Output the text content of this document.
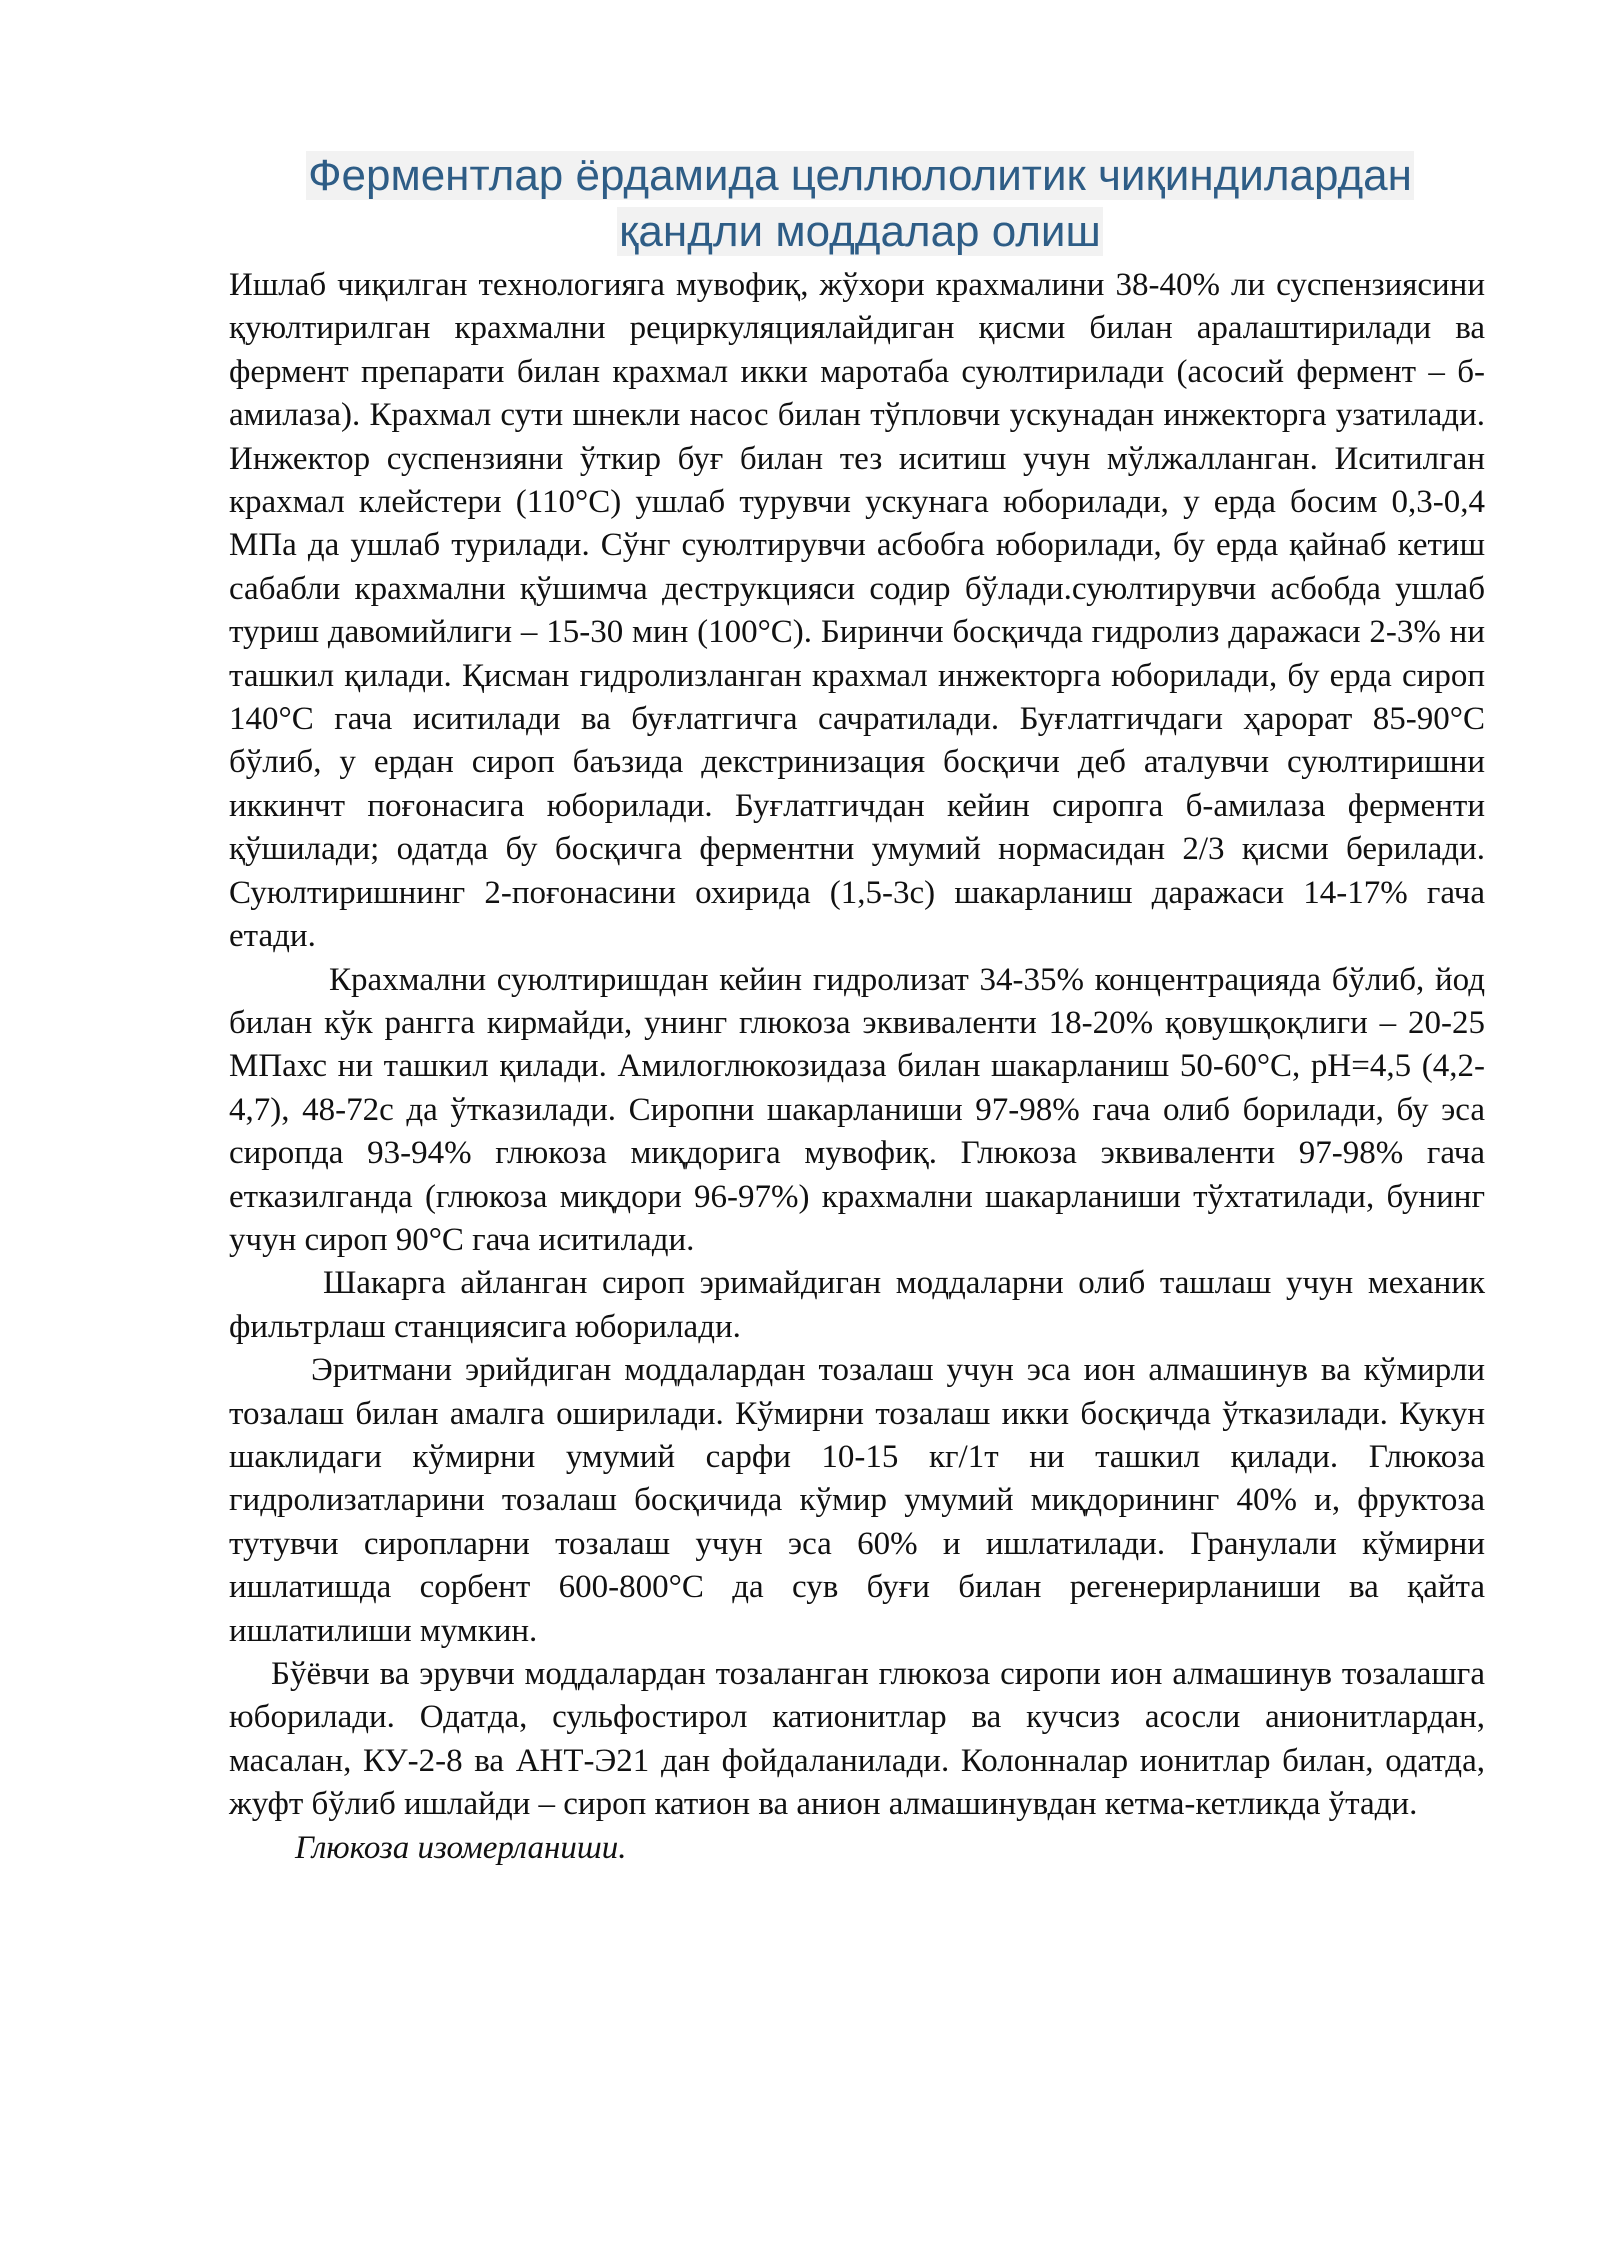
Ферментлар ёрдамида целлюлолитик чиқиндилардан
қандли моддалар олиш

Ишлаб чиқилган технологияга мувофиқ, жўхори крахмалини 38-40% ли суспензиясини қуюлтирилган крахмални рециркуляциялайдиган қисми билан аралаштирилади ва фермент препарати билан крахмал икки маротаба суюлтирилади (асосий фермент – б-амилаза). Крахмал сути шнекли насос билан тўпловчи ускунадан инжекторга узатилади. Инжектор суспензияни ўткир буғ билан тез иситиш учун мўлжалланган. Иситилган крахмал клейстери (110°С) ушлаб турувчи ускунага юборилади, у ерда босим 0,3-0,4 МПа да ушлаб турилади. Сўнг суюлтирувчи асбобга юборилади, бу ерда қайнаб кетиш сабабли крахмални қўшимча деструкцияси содир бўлади.суюлтирувчи асбобда ушлаб туриш давомийлиги – 15-30 мин (100°С). Биринчи босқичда гидролиз даражаси 2-3% ни ташкил қилади. Қисман гидролизланган крахмал инжекторга юборилади, бу ерда сироп 140°С гача иситилади ва буғлатгичга сачратилади. Буғлатгичдаги ҳарорат 85-90°С бўлиб, у ердан сироп баъзида декстринизация босқичи деб аталувчи суюлтиришни иккинчт поғонасига юборилади. Буғлатгичдан кейин сиропга б-амилаза ферменти қўшилади; одатда бу босқичга ферментни умумий нормасидан 2/3 қисми берилади. Суюлтиришнинг 2-поғонасини охирида (1,5-3с) шакарланиш даражаси 14-17% гача етади.

Крахмални суюлтиришдан кейин гидролизат 34-35% концентрацияда бўлиб, йод билан кўк рангга кирмайди, унинг глюкоза эквиваленти 18-20% қовушқоқлиги – 20-25 МПахс ни ташкил қилади. Амилоглюкозидаза билан шакарланиш 50-60°С, рН=4,5 (4,2-4,7), 48-72с да ўтказилади. Сиропни шакарланиши 97-98% гача олиб борилади, бу эса сиропда 93-94% глюкоза миқдорига мувофиқ. Глюкоза эквиваленти 97-98% гача етказилганда (глюкоза миқдори 96-97%) крахмални шакарланиши тўхтатилади, бунинг учун сироп 90°С гача иситилади.

Шакарга айланган сироп эримайдиган моддаларни олиб ташлаш учун механик фильтрлаш станциясига юборилади.

Эритмани эрийдиган моддалардан тозалаш учун эса ион алмашинув ва кўмирли тозалаш билан амалга оширилади. Кўмирни тозалаш икки босқичда ўтказилади. Кукун шаклидаги кўмирни умумий сарфи 10-15 кг/1т ни ташкил қилади. Глюкоза гидролизатларини тозалаш босқичида кўмир умумий миқдорининг 40% и, фруктоза тутувчи сиропларни тозалаш учун эса 60% и ишлатилади. Гранулали кўмирни ишлатишда сорбент 600-800°С да сув буғи билан регенерирланиши ва қайта ишлатилиши мумкин.

Бўёвчи ва эрувчи моддалардан тозаланган глюкоза сиропи ион алмашинув тозалашга юборилади. Одатда, сульфостирол катионитлар ва кучсиз асосли анионитлардан, масалан, КУ-2-8 ва АНТ-Э21 дан фойдаланилади. Колонналар ионитлар билан, одатда, жуфт бўлиб ишлайди – сироп катион ва анион алмашинувдан кетма-кетликда ўтади.

Глюкоза изомерланиши.
